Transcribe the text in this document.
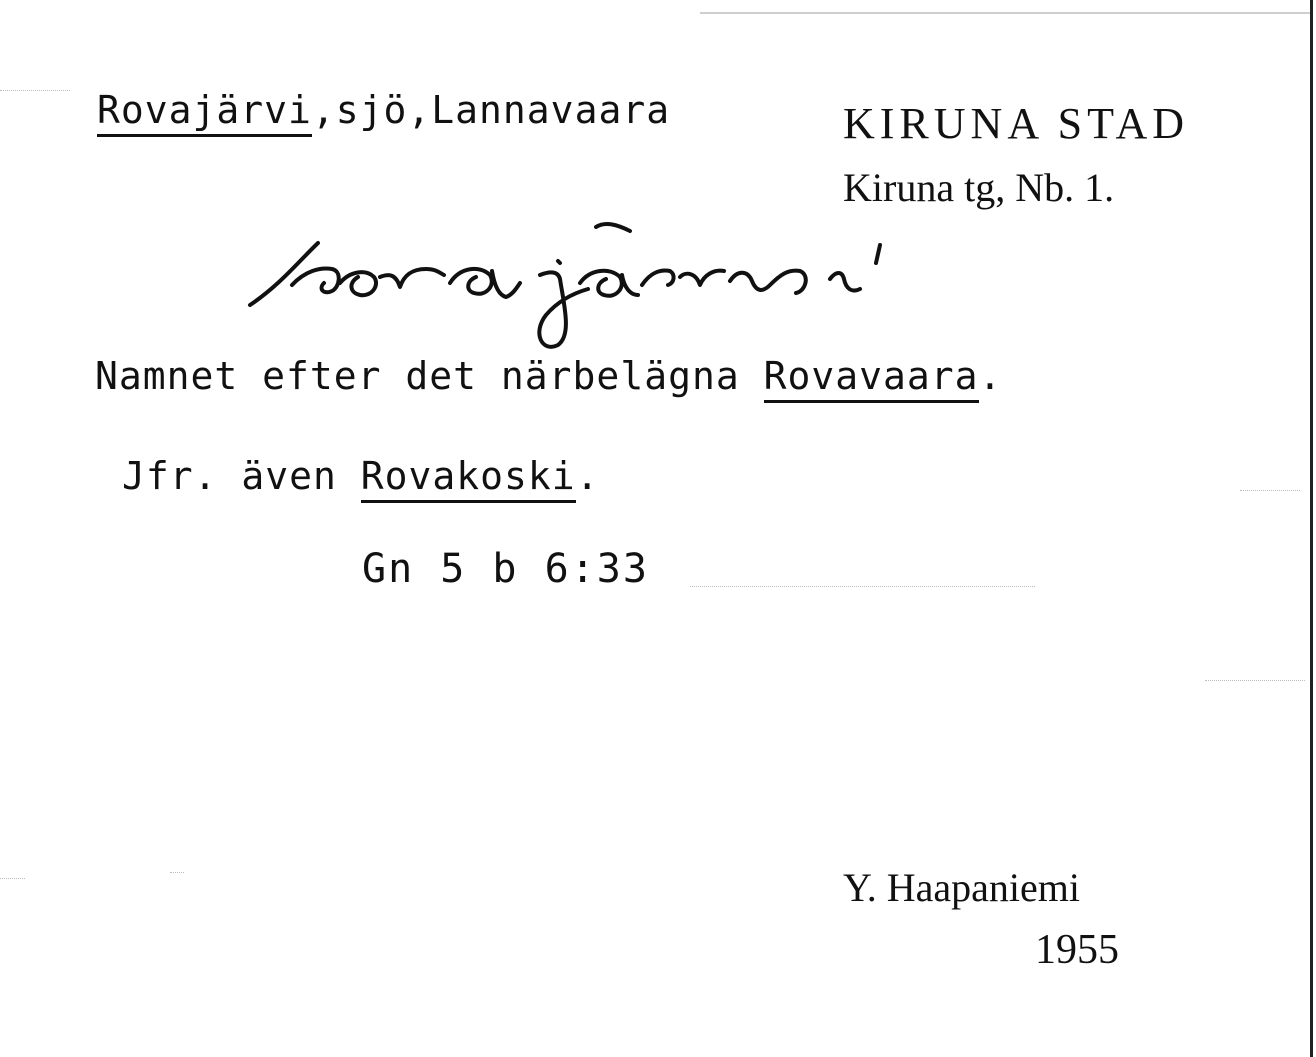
Rovajärvi,sjö,Lannavaara	KIRUNA STAD
Kiruna tg, Nb. 1.
Namnet efter det närbelägna Rovavaara.
Jfr. även Rovakoski.
Gn 5 b 6:33
Y. Haapaniemi
1955
